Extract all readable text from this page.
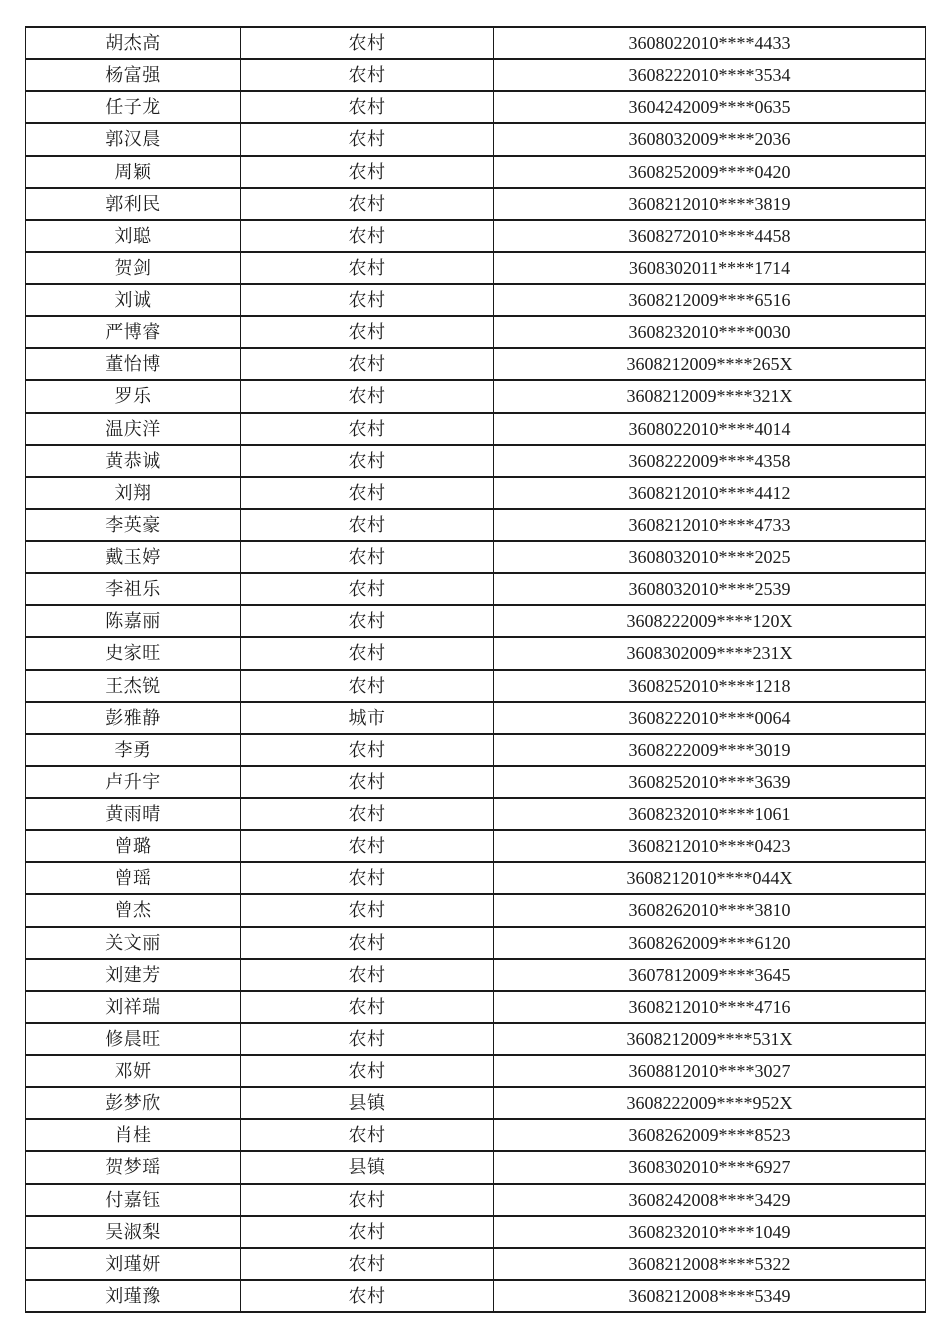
胡杰高	农村	3608022010****4433
杨富强	农村	3608222010****3534
任子龙	农村	3604242009****0635
郭汉晨	农村	3608032009****2036
周颖	农村	3608252009****0420
郭利民	农村	3608212010****3819
刘聪	农村	3608272010****4458
贺剑	农村	3608302011****1714
刘诚	农村	3608212009****6516
严博睿	农村	3608232010****0030
董怡博	农村	3608212009****265X
罗乐	农村	3608212009****321X
温庆洋	农村	3608022010****4014
黄恭诚	农村	3608222009****4358
刘翔	农村	3608212010****4412
李英豪	农村	3608212010****4733
戴玉婷	农村	3608032010****2025
李祖乐	农村	3608032010****2539
陈嘉丽	农村	3608222009****120X
史家旺	农村	3608302009****231X
王杰锐	农村	3608252010****1218
彭雅静	城市	3608222010****0064
李勇	农村	3608222009****3019
卢升宇	农村	3608252010****3639
黄雨晴	农村	3608232010****1061
曾璐	农村	3608212010****0423
曾瑶	农村	3608212010****044X
曾杰	农村	3608262010****3810
关文丽	农村	3608262009****6120
刘建芳	农村	3607812009****3645
刘祥瑞	农村	3608212010****4716
修晨旺	农村	3608212009****531X
邓妍	农村	3608812010****3027
彭梦欣	县镇	3608222009****952X
肖桂	农村	3608262009****8523
贺梦瑶	县镇	3608302010****6927
付嘉钰	农村	3608242008****3429
吴淑梨	农村	3608232010****1049
刘瑾妍	农村	3608212008****5322
刘瑾豫	农村	3608212008****5349
